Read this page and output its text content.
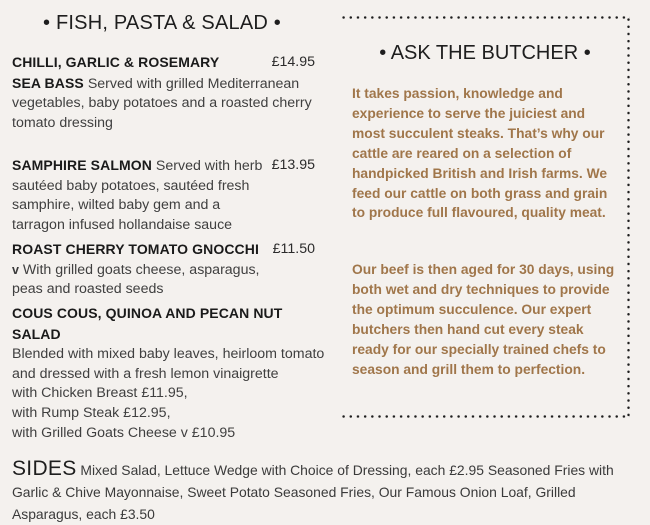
• FISH, PASTA & SALAD •
£14.95
CHILLI, GARLIC & ROSEMARY
SEA BASS Served with grilled Mediterranean vegetables, baby potatoes and a roasted cherry tomato dressing
£13.95
SAMPHIRE SALMON Served with herb sautéed baby potatoes, sautéed fresh samphire, wilted baby gem and a tarragon infused hollandaise sauce
£11.50
ROAST CHERRY TOMATO GNOCCHI v With grilled goats cheese, asparagus, peas and roasted seeds
COUS COUS, QUINOA AND PECAN NUT SALAD
Blended with mixed baby leaves, heirloom tomato and dressed with a fresh lemon vinaigrette
with Chicken Breast £11.95,
with Rump Steak £12.95,
with Grilled Goats Cheese v £10.95
• ASK THE BUTCHER •
It takes passion, knowledge and experience to serve the juiciest and most succulent steaks. That’s why our cattle are reared on a selection of handpicked British and Irish farms. We feed our cattle on both grass and grain to produce full flavoured, quality meat.
Our beef is then aged for 30 days, using both wet and dry techniques to provide the optimum succulence. Our expert butchers then hand cut every steak ready for our specially trained chefs to season and grill them to perfection.
SIDES Mixed Salad, Lettuce Wedge with Choice of Dressing, each £2.95 Seasoned Fries with Garlic & Chive Mayonnaise, Sweet Potato Seasoned Fries, Our Famous Onion Loaf, Grilled Asparagus, each £3.50
